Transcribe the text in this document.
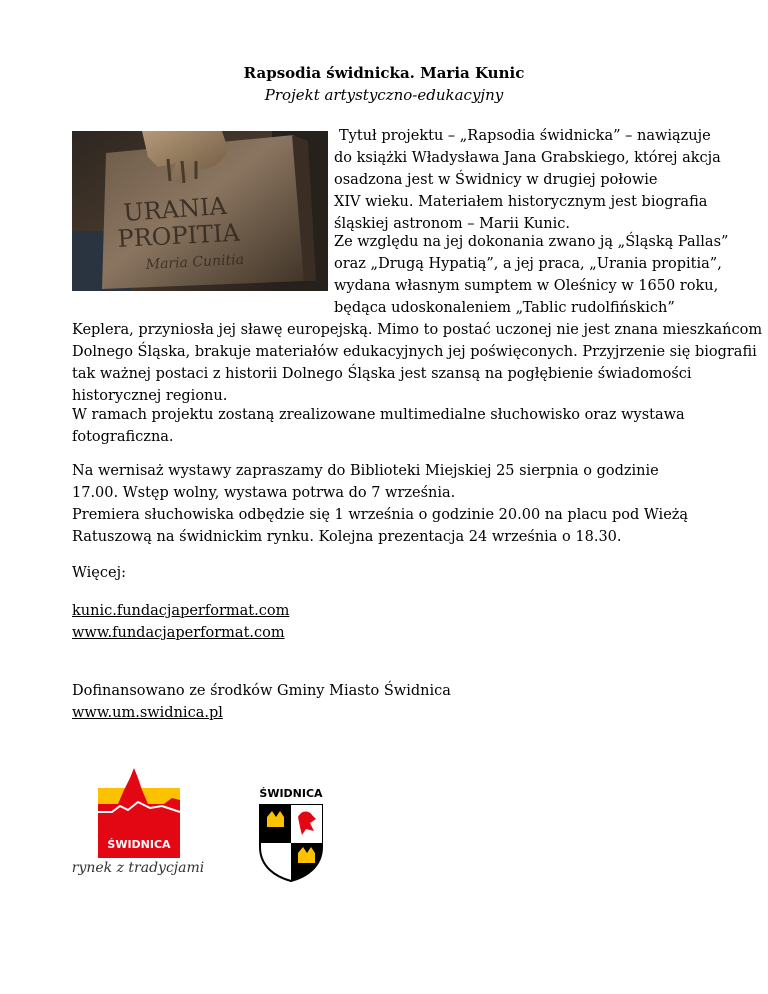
Rapsodia świdnicka. Maria Kunic
Projekt artystyczno-edukacyjny
URANIA
PROPITIA
Maria Cunitia
Tytuł projektu – „Rapsodia świdnicka” – nawiązuje
do książki Władysława Jana Grabskiego, której akcja
osadzona jest w Świdnicy w drugiej połowie
XIV wieku. Materiałem historycznym jest biografia
śląskiej astronom – Marii Kunic.
Ze względu na jej dokonania zwano ją „Śląską Pallas”
oraz „Drugą Hypatią”, a jej praca, „Urania propitia”,
wydana własnym sumptem w Oleśnicy w 1650 roku,
będąca udoskonaleniem „Tablic rudolfińskich”
Keplera, przyniosła jej sławę europejską. Mimo to postać uczonej nie jest znana mieszkańcom
Dolnego Śląska, brakuje materiałów edukacyjnych jej poświęconych. Przyjrzenie się biografii
tak ważnej postaci z historii Dolnego Śląska jest szansą na pogłębienie świadomości
historycznej regionu.
W ramach projektu zostaną zrealizowane multimedialne słuchowisko oraz wystawa fotograficzna.
Na wernisaż wystawy zapraszamy do Biblioteki Miejskiej 25 sierpnia o godzinie 17.00. Wstęp wolny, wystawa potrwa do 7 września.
Premiera słuchowiska odbędzie się 1 września o godzinie 20.00 na placu pod Wieżą Ratuszową na świdnickim rynku. Kolejna prezentacja 24 września o 18.30.
Więcej:
kunic.fundacjaperformat.com
www.fundacjaperformat.com
Dofinansowano ze środków Gminy Miasto Świdnica
www.um.swidnica.pl
ŚWIDNICA
rynek z tradycjami
ŚWIDNICA
